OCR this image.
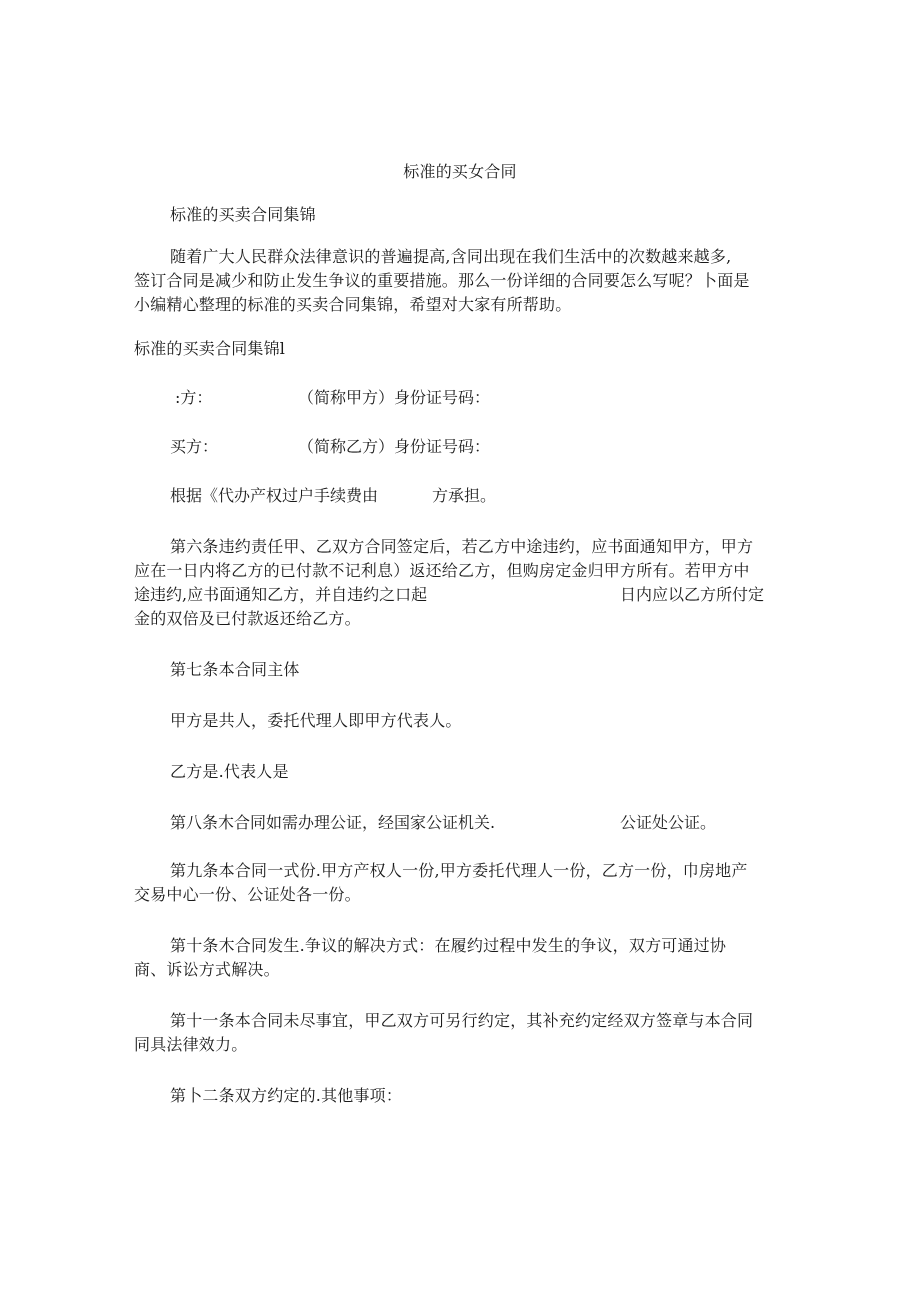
标准的买女合同
标准的买卖合同集锦
随着广大人民群众法律意识的普遍提高,含同出现在我们生活中的次数越来越多,
签订合同是减少和防止发生争议的重要措施。那么一份详细的合同要怎么写呢？卜面是
小编精心整理的标准的买卖合同集锦，希望对大家有所帮助。
标准的买卖合同集锦l
:方：	（简称甲方）身份证号码：
买方：	（简称乙方）身份证号码：
根据《代办产权过户手续费由	方承担。
第六条违约责任甲、乙双方合同签定后，若乙方中途违约，应书面通知甲方，甲方
应在一日内将乙方的已付款不记利息）返还给乙方，但购房定金归甲方所有。若甲方中
途违约,应书面通知乙方，并自违约之口起	日内应以乙方所付定
金的双倍及已付款返还给乙方。
第七条本合同主体
甲方是共人，委托代理人即甲方代表人。
乙方是.代表人是
第八条木合同如需办理公证，经国家公证机关.	公证处公证。
第九条本合同一式份.甲方产权人一份,甲方委托代理人一份，乙方一份，巾房地产
交易中心一份、公证处各一份。
第十条木合同发生.争议的解决方式：在履约过程中发生的争议，双方可通过协
商、诉讼方式解决。
第十一条本合同未尽事宜，甲乙双方可另行约定，其补充约定经双方签章与本合同
同具法律效力。
第卜二条双方约定的.其他事项：
